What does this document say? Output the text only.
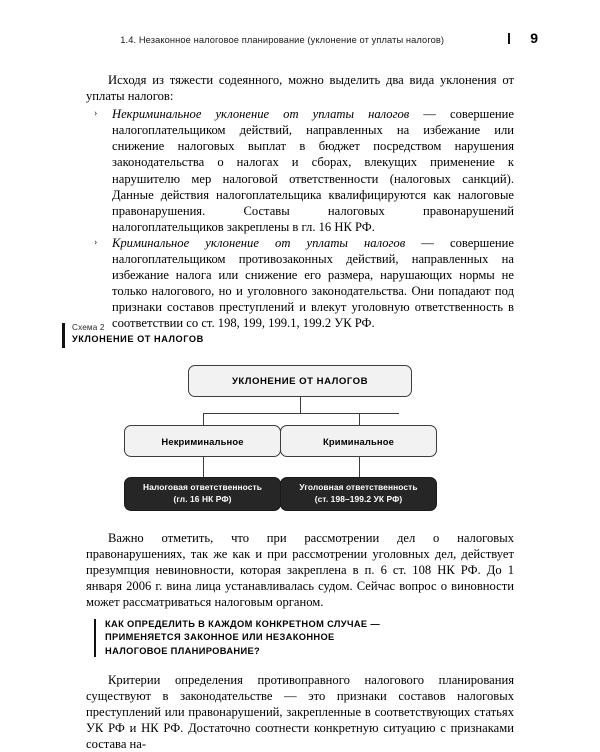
1.4. Незаконное налоговое планирование (уклонение от уплаты налогов)	9

Исходя из тяжести содеянного, можно выделить два вида уклонения от уплаты налогов:

› Некриминальное уклонение от уплаты налогов — совершение налогоплательщиком действий, направленных на избежание или снижение налоговых выплат в бюджет посредством нарушения законодательства о налогах и сборах, влекущих применение к нарушителю мер налоговой ответственности (налоговых санкций). Данные действия налогоплательщика квалифицируются как налоговые правонарушения. Составы налоговых правонарушений налогоплательщиков закреплены в гл. 16 НК РФ.
› Криминальное уклонение от уплаты налогов — совершение налогоплательщиком противозаконных действий, направленных на избежание налога или снижение его размера, нарушающих нормы не только налогового, но и уголовного законодательства. Они попадают под признаки составов преступлений и влекут уголовную ответственность в соответствии со ст. 198, 199, 199.1, 199.2 УК РФ.
Схема 2
УКЛОНЕНИЕ ОТ НАЛОГОВ
УКЛОНЕНИЕ ОТ НАЛОГОВ
Некриминальное	Криминальное
Налоговая ответственность
(гл. 16 НК РФ)
Уголовная ответственность
(ст. 198–199.2 УК РФ)

Важно отметить, что при рассмотрении дел о налоговых правонарушениях, так же как и при рассмотрении уголовных дел, действует презумпция невиновности, которая закреплена в п. 6 ст. 108 НК РФ. До 1 января 2006 г. вина лица устанавливалась судом. Сейчас вопрос о виновности может рассматриваться налоговым органом.

КАК ОПРЕДЕЛИТЬ В КАЖДОМ КОНКРЕТНОМ СЛУЧАЕ —
ПРИМЕНЯЕТСЯ ЗАКОННОЕ ИЛИ НЕЗАКОННОЕ
НАЛОГОВОЕ ПЛАНИРОВАНИЕ?

Критерии определения противоправного налогового планирования существуют в законодательстве — это признаки составов налоговых преступлений или правонарушений, закрепленные в соответствующих статьях УК РФ и НК РФ. Достаточно соотнести конкретную ситуацию с признаками состава на-
